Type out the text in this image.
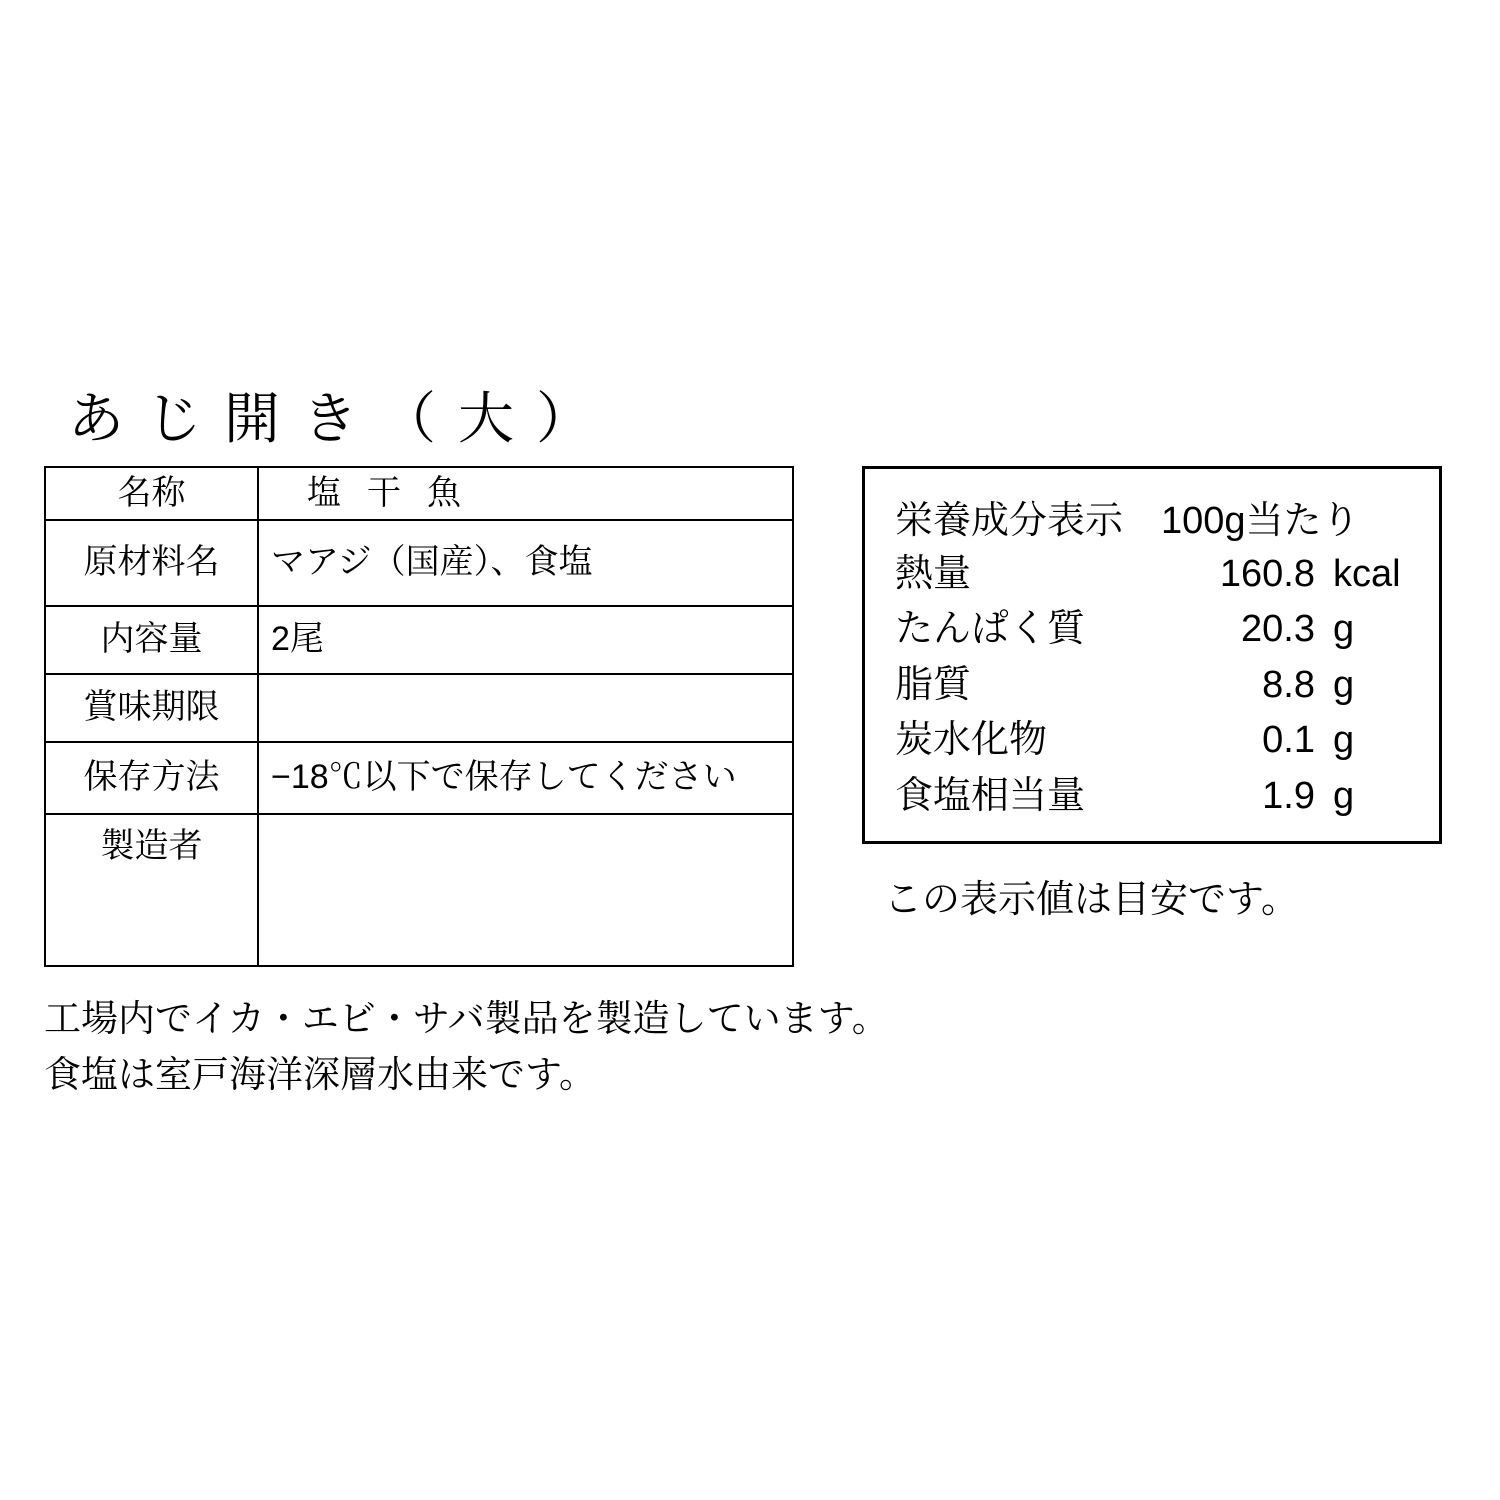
あじ開き（大）
名称	塩干魚
原材料名	マアジ（国産）、食塩
内容量	2尾
賞味期限	
保存方法	−18℃以下で保存してください
製造者	

工場内でイカ・エビ・サバ製品を製造しています。
食塩は室戸海洋深層水由来です。
栄養成分表示　100g当たり
熱量	160.8	kcal
たんぱく質	20.3	g
脂質	8.8	g
炭水化物	0.1	g
食塩相当量	1.9	g
この表示値は目安です。
